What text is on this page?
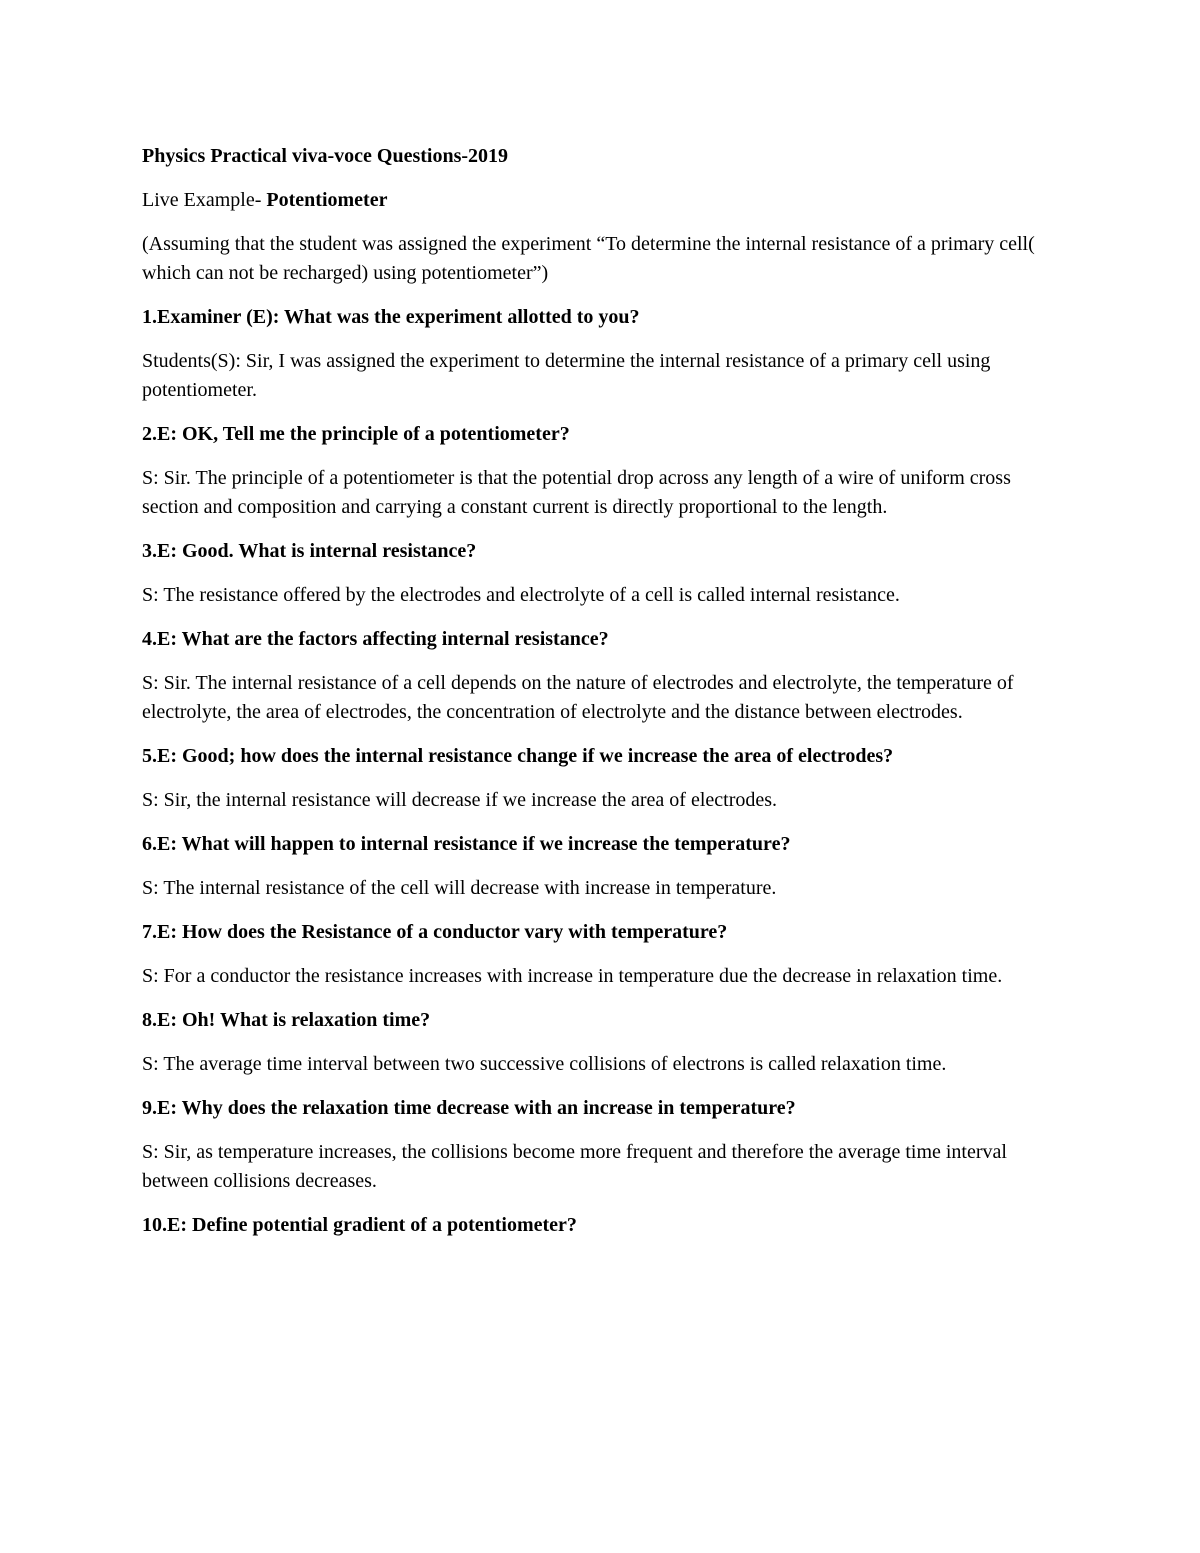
Physics Practical viva-voce Questions-2019

Live Example- Potentiometer

(Assuming that the student was assigned the experiment “To determine the internal resistance of a primary cell( which can not be recharged) using potentiometer”)

1.Examiner (E): What was the experiment allotted to you?

Students(S): Sir, I was assigned the experiment to determine the internal resistance of a primary cell using potentiometer.

2.E: OK, Tell me the principle of a potentiometer?

S: Sir. The principle of a potentiometer is that the potential drop across any length of a wire of uniform cross section and composition and carrying a constant current is directly proportional to the length.

3.E: Good. What is internal resistance?

S: The resistance offered by the electrodes and electrolyte of a cell is called internal resistance.

4.E: What are the factors affecting internal resistance?

S: Sir. The internal resistance of a cell depends on the nature of electrodes and electrolyte, the temperature of electrolyte, the area of electrodes, the concentration of electrolyte and the distance between electrodes.

5.E: Good; how does the internal resistance change if we increase the area of electrodes?

S: Sir, the internal resistance will decrease if we increase the area of electrodes.

6.E: What will happen to internal resistance if we increase the temperature?

S: The internal resistance of the cell will decrease with increase in temperature.

7.E: How does the Resistance of a conductor vary with temperature?

S: For a conductor the resistance increases with increase in temperature due the decrease in relaxation time.

8.E: Oh! What is relaxation time?

S: The average time interval between two successive collisions of electrons is called relaxation time.

9.E: Why does the relaxation time decrease with an increase in temperature?

S: Sir, as temperature increases, the collisions become more frequent and therefore the average time interval between collisions decreases.

10.E: Define potential gradient of a potentiometer?
